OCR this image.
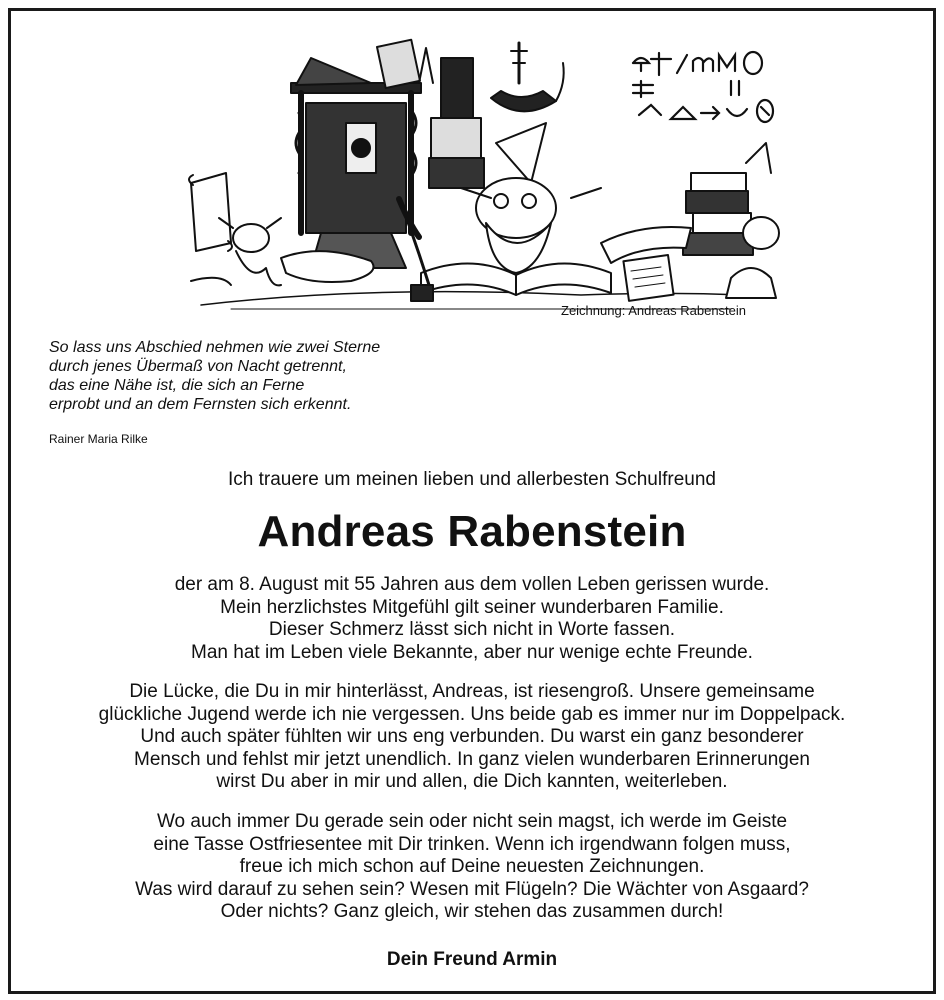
Zeichnung: Andreas Rabenstein
So lass uns Abschied nehmen wie zwei Sterne
durch jenes Übermaß von Nacht getrennt,
das eine Nähe ist, die sich an Ferne
erprobt und an dem Fernsten sich erkennt.
Rainer Maria Rilke
Ich trauere um meinen lieben und allerbesten Schulfreund
Andreas Rabenstein
der am 8. August mit 55 Jahren aus dem vollen Leben gerissen wurde.
Mein herzlichstes Mitgefühl gilt seiner wunderbaren Familie.
Dieser Schmerz lässt sich nicht in Worte fassen.
Man hat im Leben viele Bekannte, aber nur wenige echte Freunde.
Die Lücke, die Du in mir hinterlässt, Andreas, ist riesengroß. Unsere gemeinsame
glückliche Jugend werde ich nie vergessen. Uns beide gab es immer nur im Doppelpack.
Und auch später fühlten wir uns eng verbunden. Du warst ein ganz besonderer
Mensch und fehlst mir jetzt unendlich. In ganz vielen wunderbaren Erinnerungen
wirst Du aber in mir und allen, die Dich kannten, weiterleben.
Wo auch immer Du gerade sein oder nicht sein magst, ich werde im Geiste
eine Tasse Ostfriesentee mit Dir trinken. Wenn ich irgendwann folgen muss,
freue ich mich schon auf Deine neuesten Zeichnungen.
Was wird darauf zu sehen sein? Wesen mit Flügeln? Die Wächter von Asgaard?
Oder nichts? Ganz gleich, wir stehen das zusammen durch!
Dein Freund Armin
